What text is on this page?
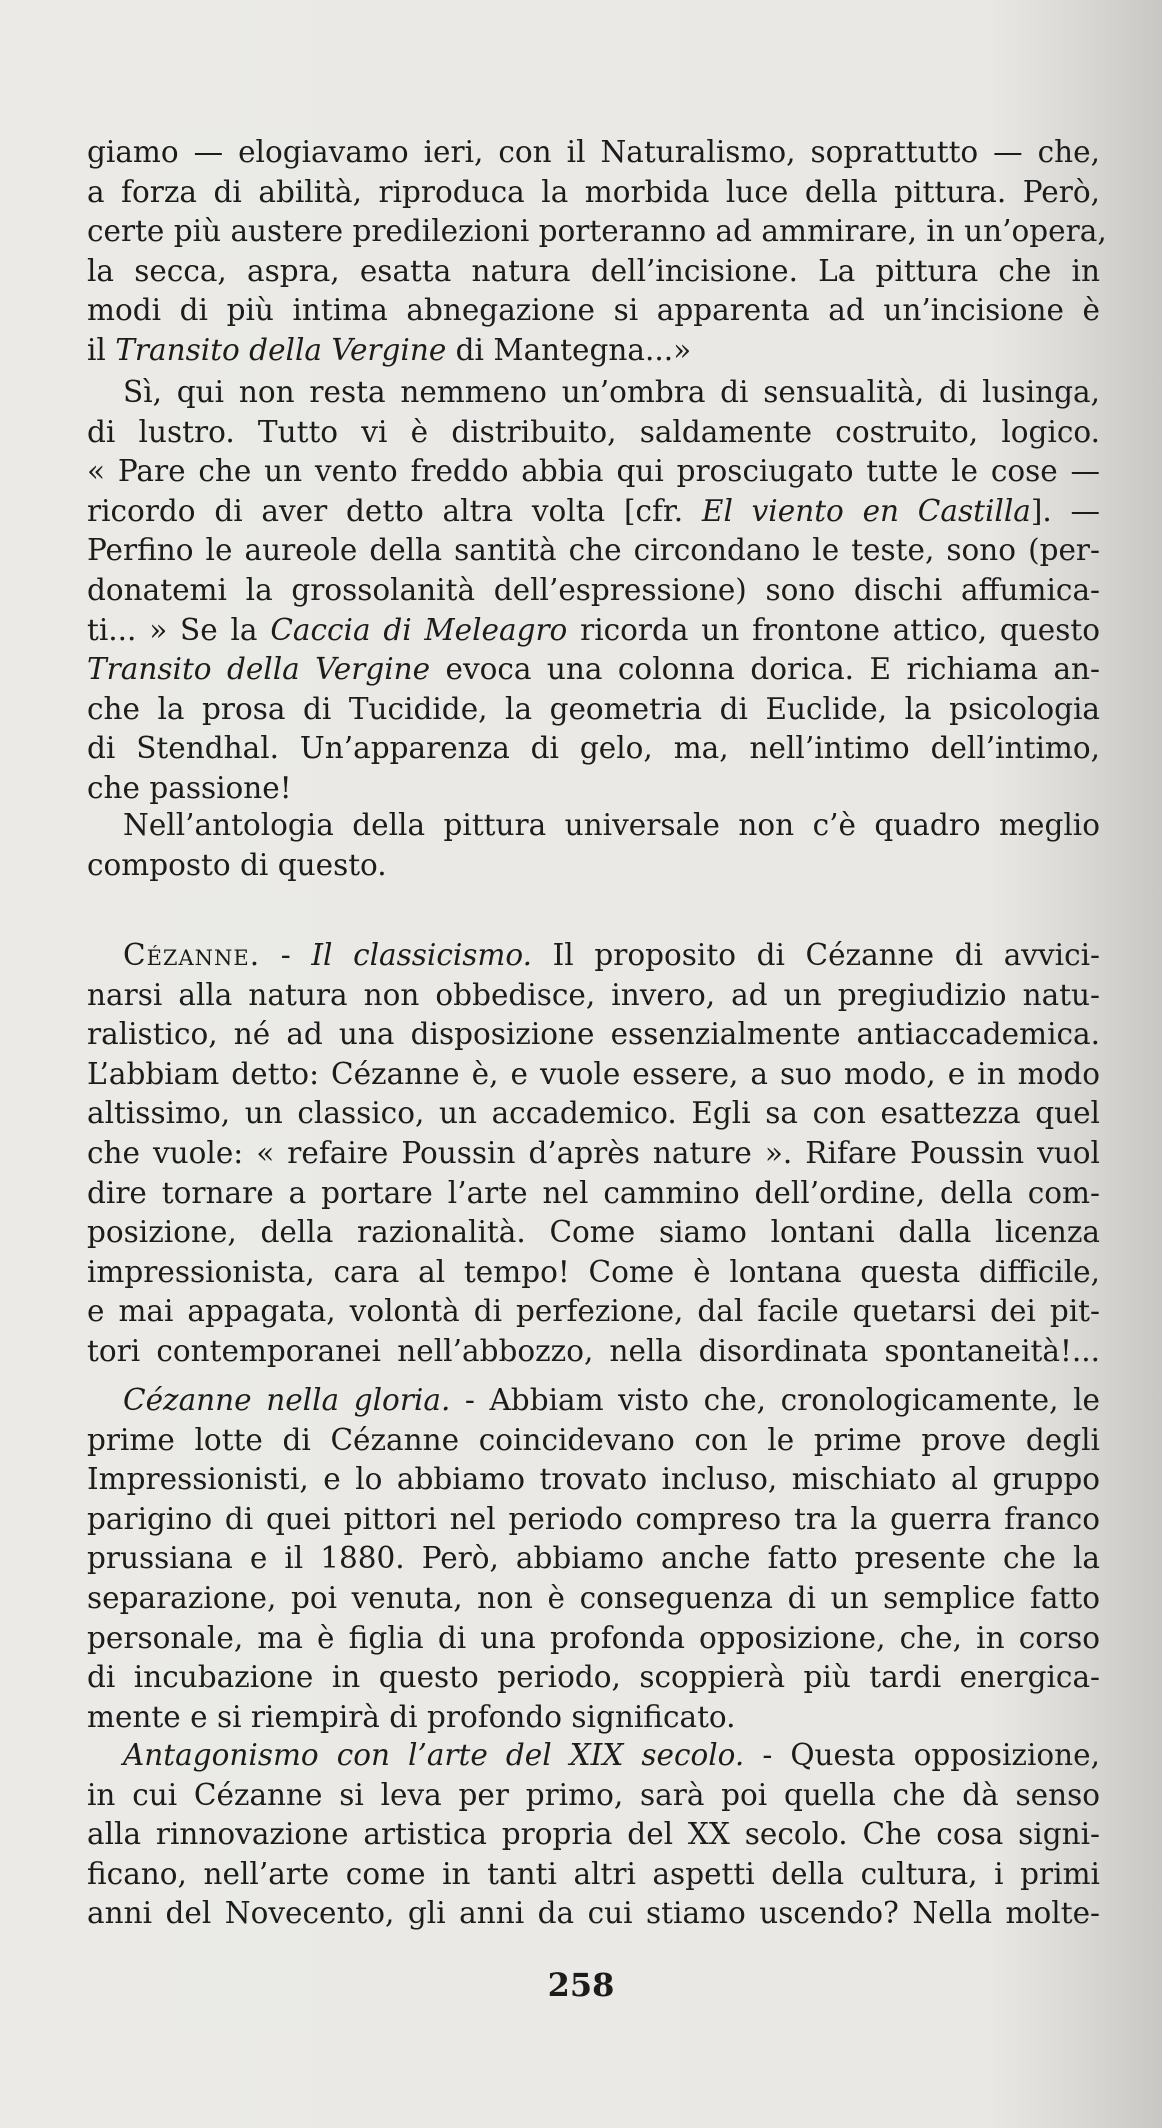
giamo — elogiavamo ieri, con il Naturalismo, soprattutto — che,
a forza di abilità, riproduca la morbida luce della pittura. Però,
certe più austere predilezioni porteranno ad ammirare, in un’opera,
la secca, aspra, esatta natura dell’incisione. La pittura che in
modi di più intima abnegazione si apparenta ad un’incisione è
il Transito della Vergine di Mantegna...»
Sì, qui non resta nemmeno un’ombra di sensualità, di lusinga,
di lustro. Tutto vi è distribuito, saldamente costruito, logico.
« Pare che un vento freddo abbia qui prosciugato tutte le cose —
ricordo di aver detto altra volta [cfr. El viento en Castilla]. —
Perfino le aureole della santità che circondano le teste, sono (per-
donatemi la grossolanità dell’espressione) sono dischi affumica-
ti... » Se la Caccia di Meleagro ricorda un frontone attico, questo
Transito della Vergine evoca una colonna dorica. E richiama an-
che la prosa di Tucidide, la geometria di Euclide, la psicologia
di Stendhal. Un’apparenza di gelo, ma, nell’intimo dell’intimo,
che passione!
Nell’antologia della pittura universale non c’è quadro meglio
composto di questo.
Cézanne. - Il classicismo. Il proposito di Cézanne di avvici-
narsi alla natura non obbedisce, invero, ad un pregiudizio natu-
ralistico, né ad una disposizione essenzialmente antiaccademica.
L’abbiam detto: Cézanne è, e vuole essere, a suo modo, e in modo
altissimo, un classico, un accademico. Egli sa con esattezza quel
che vuole: « refaire Poussin d’après nature ». Rifare Poussin vuol
dire tornare a portare l’arte nel cammino dell’ordine, della com-
posizione, della razionalità. Come siamo lontani dalla licenza
impressionista, cara al tempo! Come è lontana questa difficile,
e mai appagata, volontà di perfezione, dal facile quetarsi dei pit-
tori contemporanei nell’abbozzo, nella disordinata spontaneità!...
Cézanne nella gloria. - Abbiam visto che, cronologicamente, le
prime lotte di Cézanne coincidevano con le prime prove degli
Impressionisti, e lo abbiamo trovato incluso, mischiato al gruppo
parigino di quei pittori nel periodo compreso tra la guerra franco
prussiana e il 1880. Però, abbiamo anche fatto presente che la
separazione, poi venuta, non è conseguenza di un semplice fatto
personale, ma è figlia di una profonda opposizione, che, in corso
di incubazione in questo periodo, scoppierà più tardi energica-
mente e si riempirà di profondo significato.
Antagonismo con l’arte del XIX secolo. - Questa opposizione,
in cui Cézanne si leva per primo, sarà poi quella che dà senso
alla rinnovazione artistica propria del XX secolo. Che cosa signi-
ficano, nell’arte come in tanti altri aspetti della cultura, i primi
anni del Novecento, gli anni da cui stiamo uscendo? Nella molte-
258
